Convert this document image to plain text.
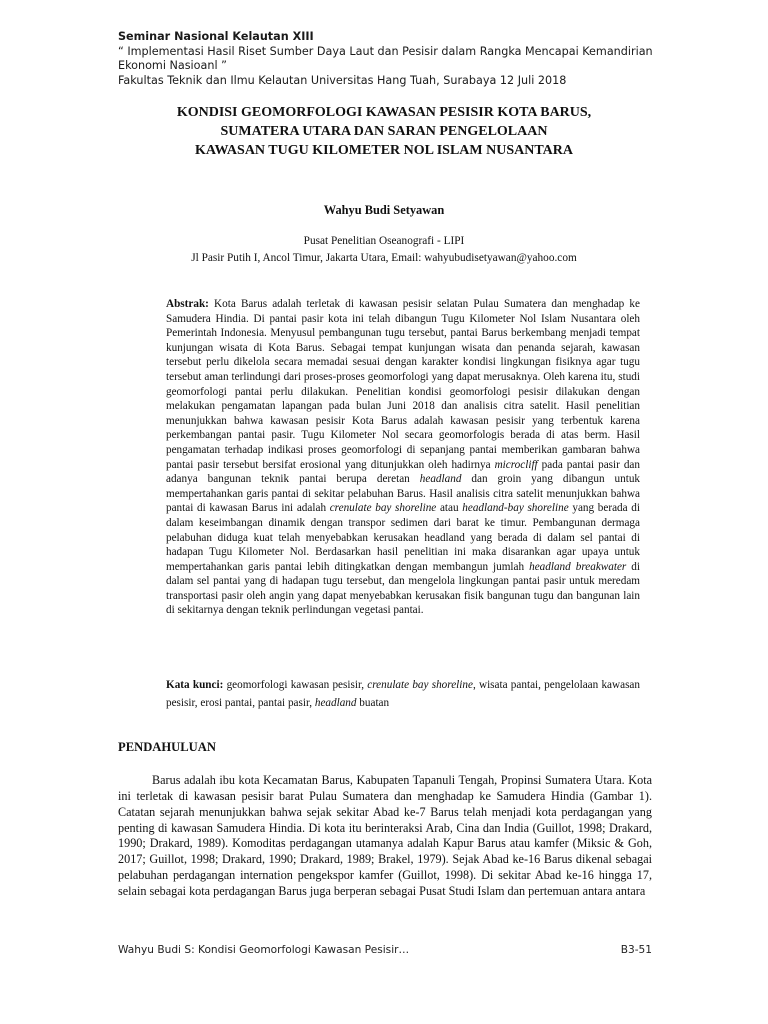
Seminar Nasional Kelautan XIII
“ Implementasi Hasil Riset Sumber Daya Laut dan Pesisir dalam Rangka Mencapai Kemandirian Ekonomi Nasioanl ”
Fakultas Teknik dan Ilmu Kelautan Universitas Hang Tuah, Surabaya 12 Juli 2018
KONDISI GEOMORFOLOGI KAWASAN PESISIR KOTA BARUS,
SUMATERA UTARA DAN SARAN PENGELOLAAN
KAWASAN TUGU KILOMETER NOL ISLAM NUSANTARA
Wahyu Budi Setyawan
Pusat Penelitian Oseanografi - LIPI
Jl Pasir Putih I, Ancol Timur, Jakarta Utara, Email: wahyubudisetyawan@yahoo.com
Abstrak: Kota Barus adalah terletak di kawasan pesisir selatan Pulau Sumatera dan menghadap ke Samudera Hindia. Di pantai pasir kota ini telah dibangun Tugu Kilometer Nol Islam Nusantara oleh Pemerintah Indonesia. Menyusul pembangunan tugu tersebut, pantai Barus berkembang menjadi tempat kunjungan wisata di Kota Barus. Sebagai tempat kunjungan wisata dan penanda sejarah, kawasan tersebut perlu dikelola secara memadai sesuai dengan karakter kondisi lingkungan fisiknya agar tugu tersebut aman terlindungi dari proses-proses geomorfologi yang dapat merusaknya. Oleh karena itu, studi geomorfologi pantai perlu dilakukan. Penelitian kondisi geomorfologi pesisir dilakukan dengan melakukan pengamatan lapangan pada bulan Juni 2018 dan analisis citra satelit. Hasil penelitian menunjukkan bahwa kawasan pesisir Kota Barus adalah kawasan pesisir yang terbentuk karena perkembangan pantai pasir. Tugu Kilometer Nol secara geomorfologis berada di atas berm. Hasil pengamatan terhadap indikasi proses geomorfologi di sepanjang pantai memberikan gambaran bahwa pantai pasir tersebut bersifat erosional yang ditunjukkan oleh hadirnya microcliff pada pantai pasir dan adanya bangunan teknik pantai berupa deretan headland dan groin yang dibangun untuk mempertahankan garis pantai di sekitar pelabuhan Barus. Hasil analisis citra satelit menunjukkan bahwa pantai di kawasan Barus ini adalah crenulate bay shoreline atau headland-bay shoreline yang berada di dalam keseimbangan dinamik dengan transpor sedimen dari barat ke timur. Pembangunan dermaga pelabuhan diduga kuat telah menyebabkan kerusakan headland yang berada di dalam sel pantai di hadapan Tugu Kilometer Nol. Berdasarkan hasil penelitian ini maka disarankan agar upaya untuk mempertahankan garis pantai lebih ditingkatkan dengan membangun jumlah headland breakwater di dalam sel pantai yang di hadapan tugu tersebut, dan mengelola lingkungan pantai pasir untuk meredam transportasi pasir oleh angin yang dapat menyebabkan kerusakan fisik bangunan tugu dan bangunan lain di sekitarnya dengan teknik perlindungan vegetasi pantai.
Kata kunci: geomorfologi kawasan pesisir, crenulate bay shoreline, wisata pantai, pengelolaan kawasan pesisir, erosi pantai, pantai pasir, headland buatan
PENDAHULUAN
Barus adalah ibu kota Kecamatan Barus, Kabupaten Tapanuli Tengah, Propinsi Sumatera Utara. Kota ini terletak di kawasan pesisir barat Pulau Sumatera dan menghadap ke Samudera Hindia (Gambar 1). Catatan sejarah menunjukkan bahwa sejak sekitar Abad ke-7 Barus telah menjadi kota perdagangan yang penting di kawasan Samudera Hindia. Di kota itu berinteraksi Arab, Cina dan India (Guillot, 1998; Drakard, 1990; Drakard, 1989). Komoditas perdagangan utamanya adalah Kapur Barus atau kamfer (Miksic & Goh, 2017; Guillot, 1998; Drakard, 1990; Drakard, 1989; Brakel, 1979). Sejak Abad ke-16 Barus dikenal sebagai pelabuhan perdagangan internation pengekspor kamfer (Guillot, 1998). Di sekitar Abad ke-16 hingga 17, selain sebagai kota perdagangan Barus juga berperan sebagai Pusat Studi Islam dan pertemuan antara antara
Wahyu Budi S: Kondisi Geomorfologi Kawasan Pesisir…	B3-51
